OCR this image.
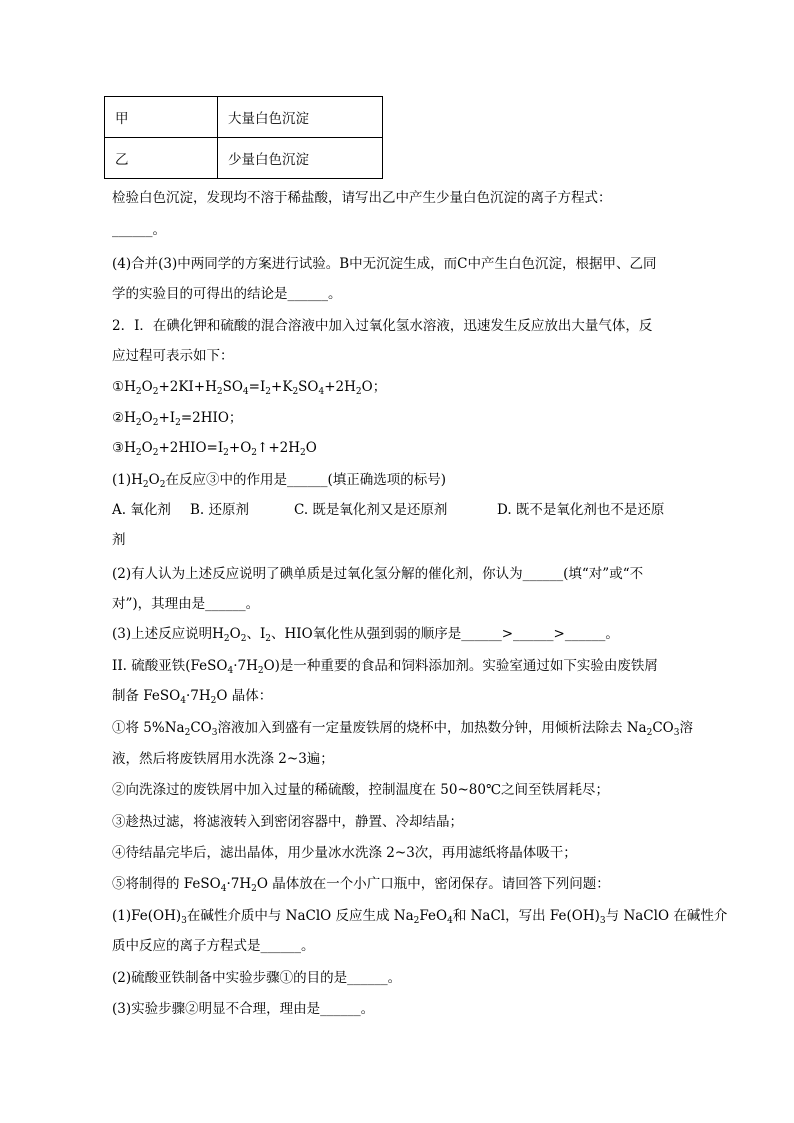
甲	大量白色沉淀
乙	少量白色沉淀
检验白色沉淀，发现均不溶于稀盐酸，请写出乙中产生少量白色沉淀的离子方程式：
______。
(4)合并(3)中两同学的方案进行试验。B中无沉淀生成，而C中产生白色沉淀，根据甲、乙同
学的实验目的可得出的结论是______。
2．I．在碘化钾和硫酸的混合溶液中加入过氧化氢水溶液，迅速发生反应放出大量气体，反
应过程可表示如下：
$①H_2O_2+2KI+H_2SO_4=I_2+K_2SO_4+2H_2O$；
$②H_2O_2+I_2=2HIO$；
$③H_2O_2+2HIO=I_2+O_2↑+2H_2O$
$(1)H_2O_2$在反应③中的作用是______(填正确选项的标号)
A. 氧化剂 B. 还原剂	C. 既是氧化剂又是还原剂	D. 既不是氧化剂也不是还原
剂
(2)有人认为上述反应说明了碘单质是过氧化氢分解的催化剂，你认为______(填“对”或“不
对”)，其理由是______。
(3)上述反应说明$H_2O_2$、$I_2$、HIO氧化性从强到弱的顺序是______>______>______。
II. 硫酸亚铁$(FeSO_4\cdot 7H_2O)$是一种重要的食品和饲料添加剂。实验室通过如下实验由废铁屑
制备 $FeSO_4\cdot 7H_2O$ 晶体：
①将 $5\%Na_2CO_3$溶液加入到盛有一定量废铁屑的烧杯中，加热数分钟，用倾析法除去 $Na_2CO_3$溶
液，然后将废铁屑用水洗涤 2~3遍；
②向洗涤过的废铁屑中加入过量的稀硫酸，控制温度在 50~80℃之间至铁屑耗尽；
③趁热过滤，将滤液转入到密闭容器中，静置、冷却结晶；
④待结晶完毕后，滤出晶体，用少量冰水洗涤 2~3次，再用滤纸将晶体吸干；
⑤将制得的 $FeSO_4\cdot 7H_2O$ 晶体放在一个小广口瓶中，密闭保存。请回答下列问题：
$(1)Fe(OH)_3$在碱性介质中与 NaClO 反应生成 $Na_2FeO_4$和 NaCl，写出 $Fe(OH)_3$与 NaClO 在碱性介
质中反应的离子方程式是______。
(2)硫酸亚铁制备中实验步骤①的目的是______。
(3)实验步骤②明显不合理，理由是______。
